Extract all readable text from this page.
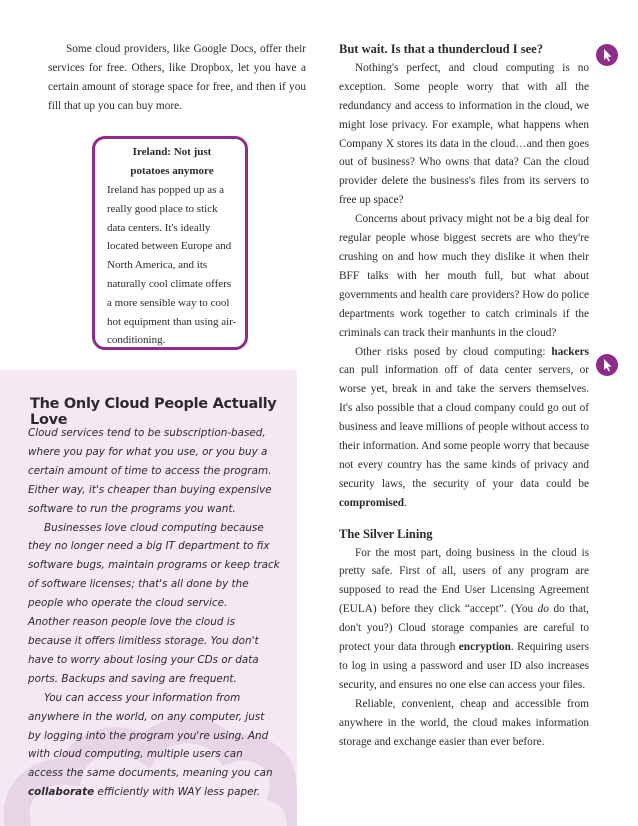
Some cloud providers, like Google Docs, offer their services for free. Others, like Dropbox, let you have a certain amount of storage space for free, and then if you fill that up you can buy more.

Ireland: Not just
potatoes anymore

Ireland has popped up as a really good place to stick data centers. It's ideally located between Europe and North America, and its naturally cool climate offers a more sensible way to cool hot equipment than using air-conditioning.

The Only Cloud People Actually Love

Cloud services tend to be subscription-based, where you pay for what you use, or you buy a certain amount of time to access the program. Either way, it's cheaper than buying expensive software to run the programs you want.

Businesses love cloud computing because they no longer need a big IT department to fix software bugs, maintain programs or keep track of software licenses; that's all done by the people who operate the cloud service.

Another reason people love the cloud is because it offers limitless storage. You don't have to worry about losing your CDs or data ports. Backups and saving are frequent.

You can access your information from anywhere in the world, on any computer, just by logging into the program you're using. And with cloud computing, multiple users can access the same documents, meaning you can collaborate efficiently with WAY less paper.

But wait. Is that a thundercloud I see?

Nothing's perfect, and cloud computing is no exception. Some people worry that with all the redundancy and access to information in the cloud, we might lose privacy. For example, what happens when Company X stores its data in the cloud…and then goes out of business? Who owns that data? Can the cloud provider delete the business's files from its servers to free up space?

Concerns about privacy might not be a big deal for regular people whose biggest secrets are who they're crushing on and how much they dislike it when their BFF talks with her mouth full, but what about governments and health care providers? How do police departments work together to catch criminals if the criminals can track their manhunts in the cloud?

Other risks posed by cloud computing: hackers can pull information off of data center servers, or worse yet, break in and take the servers themselves. It's also possible that a cloud company could go out of business and leave millions of people without access to their information. And some people worry that because not every country has the same kinds of privacy and security laws, the security of your data could be compromised.

The Silver Lining

For the most part, doing business in the cloud is pretty safe. First of all, users of any program are supposed to read the End User Licensing Agreement (EULA) before they click “accept”. (You do do that, don't you?) Cloud storage companies are careful to protect your data through encryption. Requiring users to log in using a password and user ID also increases security, and ensures no one else can access your files.

Reliable, convenient, cheap and accessible from anywhere in the world, the cloud makes information storage and exchange easier than ever before.
